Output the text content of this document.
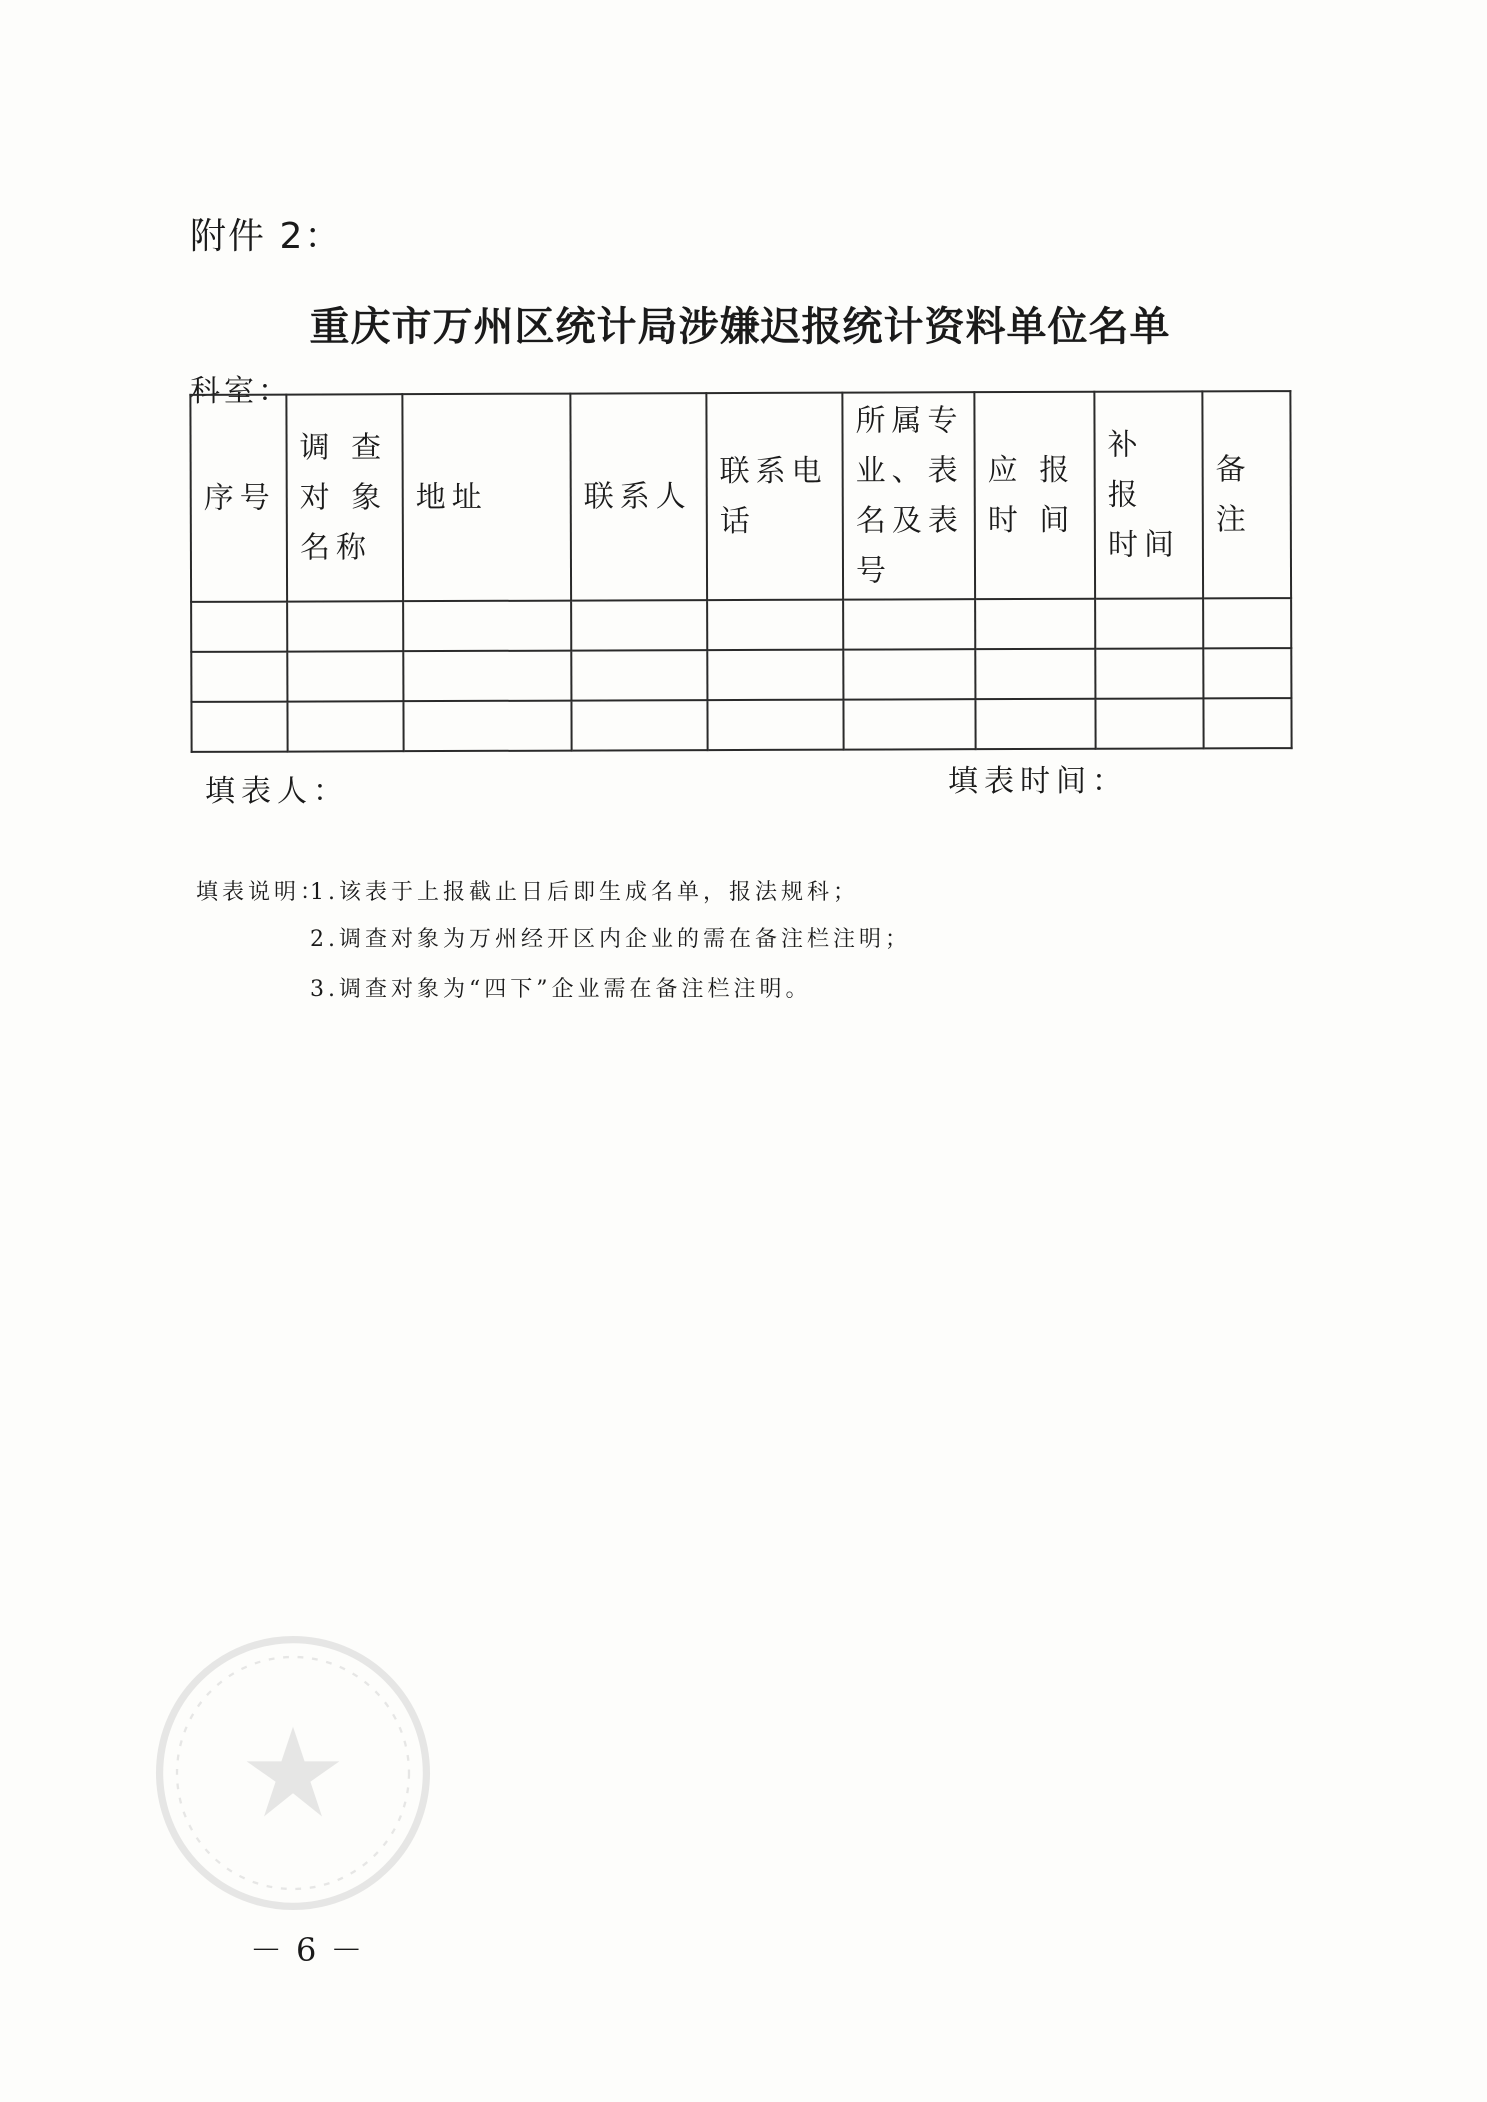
附件 2：
重庆市万州区统计局涉嫌迟报统计资料单位名单
科室：
序号	调 查 对 象 名称	地址	联系人	联系电话	所属专业、表名及表号	应 报 时 间	补 报 时间	备注

填表人：	填表时间：
填表说明：
1.该表于上报截止日后即生成名单，报法规科；
2.调查对象为万州经开区内企业的需在备注栏注明；
3.调查对象为“四下”企业需在备注栏注明。
－6－
